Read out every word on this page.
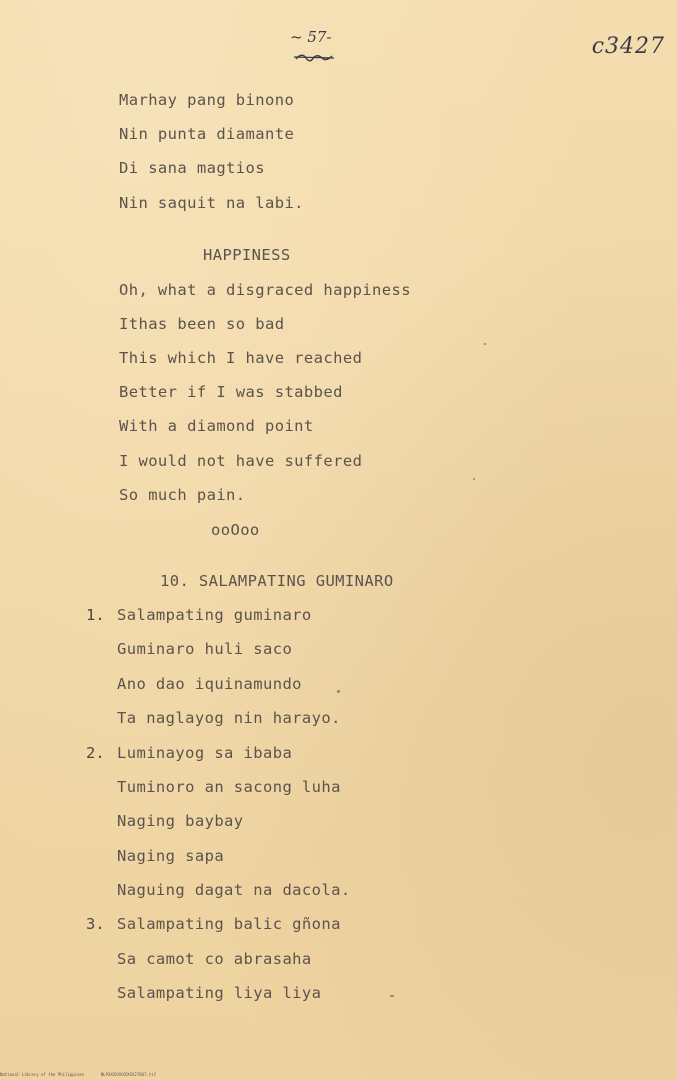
~ 57-	c3427
Marhay pang binono
Nin punta diamante
Di sana magtios
Nin saquit na labi.
HAPPINESS
Oh, what a disgraced happiness
Ithas been so bad
This which I have reached
Better if I was stabbed
With a diamond point
I would not have suffered
So much pain.
ooOoo
10. SALAMPATING GUMINARO
1. Salampating guminaro
Guminaro huli saco
Ano dao iquinamundo
Ta naglayog nin harayo.
2. Luminayog sa ibaba
Tuminoro an sacong luha
Naging baybay
Naging sapa
Naguing dagat na dacola.
3. Salampating balic gñona
Sa camot co abrasaha
Salampating liya liya
National Library of the Philippines	NLPXXXXXXXXXXX27067.tif
